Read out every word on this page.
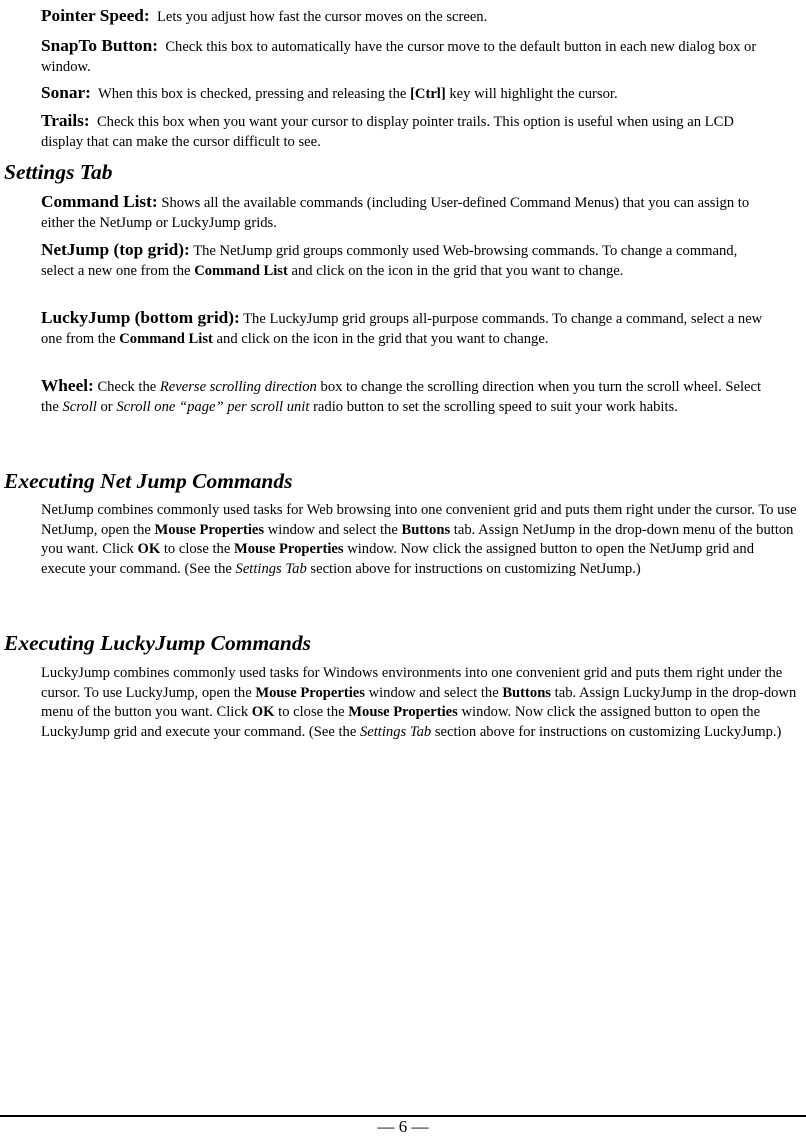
Pointer Speed: Lets you adjust how fast the cursor moves on the screen.
SnapTo Button: Check this box to automatically have the cursor move to the default button in each new dialog box or window.
Sonar: When this box is checked, pressing and releasing the [Ctrl] key will highlight the cursor.
Trails: Check this box when you want your cursor to display pointer trails. This option is useful when using an LCD display that can make the cursor difficult to see.
Settings Tab
Command List: Shows all the available commands (including User-defined Command Menus) that you can assign to either the NetJump or LuckyJump grids.
NetJump (top grid): The NetJump grid groups commonly used Web-browsing commands. To change a command, select a new one from the Command List and click on the icon in the grid that you want to change.
LuckyJump (bottom grid): The LuckyJump grid groups all-purpose commands. To change a command, select a new one from the Command List and click on the icon in the grid that you want to change.
Wheel: Check the Reverse scrolling direction box to change the scrolling direction when you turn the scroll wheel. Select the Scroll or Scroll one “page” per scroll unit radio button to set the scrolling speed to suit your work habits.
Executing Net Jump Commands
NetJump combines commonly used tasks for Web browsing into one convenient grid and puts them right under the cursor. To use NetJump, open the Mouse Properties window and select the Buttons tab. Assign NetJump in the drop-down menu of the button you want. Click OK to close the Mouse Properties window. Now click the assigned button to open the NetJump grid and execute your command. (See the Settings Tab section above for instructions on customizing NetJump.)
Executing LuckyJump Commands
LuckyJump combines commonly used tasks for Windows environments into one convenient grid and puts them right under the cursor. To use LuckyJump, open the Mouse Properties window and select the Buttons tab. Assign LuckyJump in the drop-down menu of the button you want. Click OK to close the Mouse Properties window. Now click the assigned button to open the LuckyJump grid and execute your command. (See the Settings Tab section above for instructions on customizing LuckyJump.)
— 6 —
